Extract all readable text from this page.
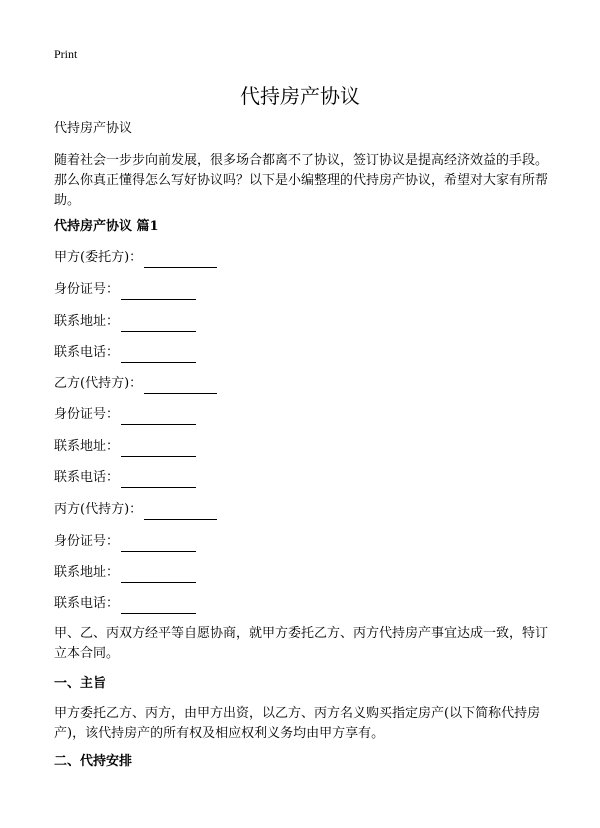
Print
代持房产协议
代持房产协议
随着社会一步步向前发展，很多场合都离不了协议，签订协议是提高经济效益的手段。那么你真正懂得怎么写好协议吗？以下是小编整理的代持房产协议，希望对大家有所帮助。
代持房产协议 篇1
甲方(委托方)：
身份证号：
联系地址：
联系电话：
乙方(代持方)：
身份证号：
联系地址：
联系电话：
丙方(代持方)：
身份证号：
联系地址：
联系电话：
甲、乙、丙双方经平等自愿协商，就甲方委托乙方、丙方代持房产事宜达成一致，特订立本合同。
一、主旨
甲方委托乙方、丙方，由甲方出资，以乙方、丙方名义购买指定房产(以下简称代持房产)，该代持房产的所有权及相应权利义务均由甲方享有。
二、代持安排
